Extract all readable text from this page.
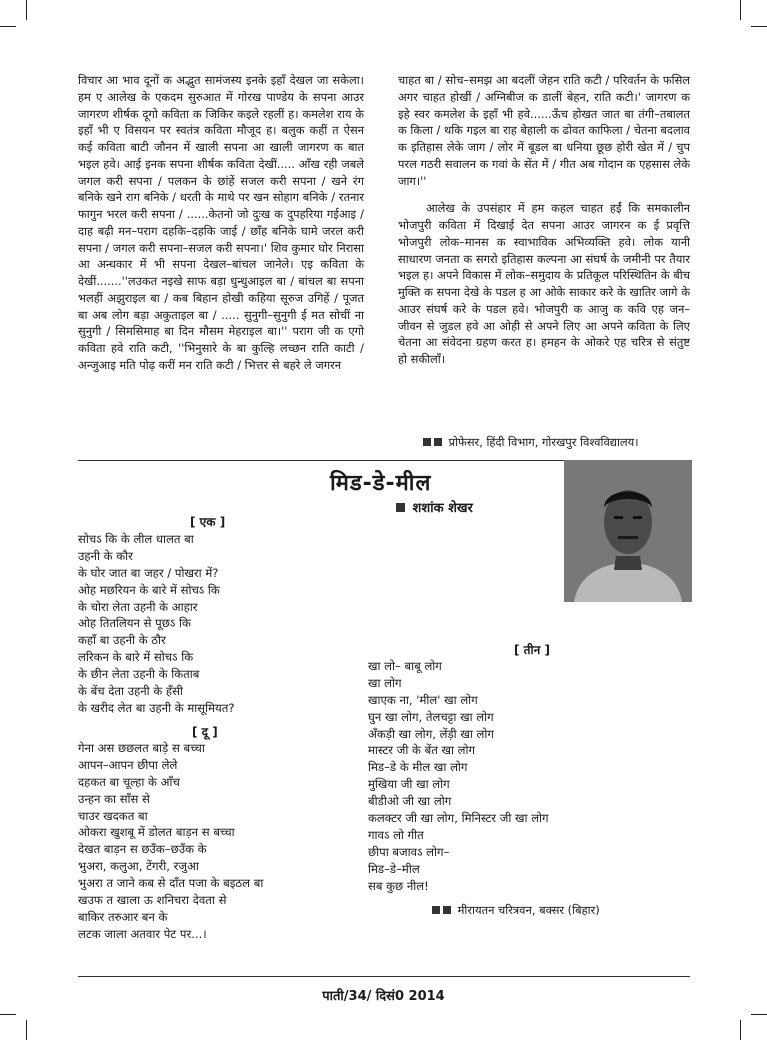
विचार आ भाव दूनों क अद्भुत सामंजस्य इनके इहाँ देखल जा सकेला। हम ए आलेख के एकदम सुरुआत में गोरख पाण्डेय के सपना आउर जागरण शीर्षक दूगो कविता क जिकिर कइले रहलीं ह। कमलेश राय के इहाँ भी ए विसयन पर स्वतंत्र कविता मौजूद ह। बलुक कहीं त ऐसन कई कविता बाटी जौनन में खाली सपना आ खाली जागरण क बात भइल हवे। आई इनक सपना शीर्षक कविता देखीं..... आँख रही जबले जगल करी सपना / पलकन के छांहें सजल करी सपना / खने रंग बनिके खने राग बनिके / धरती के माथे पर खन सोहाग बनिके / रतनार फागुन भरल करी सपना / ......केतनो जो दुःख क दुपहरिया गईआइ / दाह बढ़ी मन–पराग दहकि–दहकि जाई / छाँह बनिके घामे जरल करी सपना / जगल करी सपना–सजल करी सपना।' शिव कुमार घोर निरासा आ अन्धकार में भी सपना देखल–बांचल जानेले। एइ कविता के देखीं.......''लउकत नइखे साफ बड़ा धुन्धुआइल बा / बांचल बा सपना भलहीं अझुराइल बा / कब बिहान होखी कहिया सूरुज उगिहें / पूजत बा अब लोग बड़ा अकुताइल बा / ..... सुनुगी–सुनुगी ई मत सोचीं ना सुनुगी / सिमसिमाह बा दिन मौसम मेहराइल बा।'' पराग जी क एगो कविता हवे राति कटी, ''भिनुसारे के बा कुल्हि लच्छन राति काटी / अन्जुआइ मति पोढ़ करीं मन राति कटी / भित्तर से बहरे ले जगरन

चाहत बा / सोच–समझ आ बदलीं जेहन राति कटी / परिवर्तन के फसिल अगर चाहत होखीं / अग्निबीज क डालीं बेहन, राति कटी।' जागरण क इहे स्वर कमलेश के इहाँ भी हवे......ऊँच होखत जात बा तंगी–तबालत क किला / थकि गइल बा राह बेहाली क ढोवत काफिला / चेतना बदलाव क इतिहास लेके जाग / लोर में बूडल बा धनिया छूछ होरी खेत में / चुप परल गठरी सवालन क गवां के सेंत में / गीत अब गोदान क एहसास लेके जाग।''

आलेख के उपसंहार में हम कहल चाहत हईं कि समकालीन भोजपुरी कविता में दिखाई देत सपना आउर जागरन क ई प्रवृत्ति भोजपुरी लोक–मानस क स्वाभाविक अभिव्यक्ति हवे। लोक यानी साधारण जनता क सगरो इतिहास कल्पना आ संघर्ष के जमीनी पर तैयार भइल ह। अपने विकास में लोक–समुदाय के प्रतिकूल परिस्थितिन के बीच मुक्ति क सपना देखे के पडल ह आ ओके साकार करे के खातिर जागे के आउर संघर्ष करे के पडल हवे। भोजपुरी क आजु क कवि एह जन–जीवन से जुडल हवे आ ओही से अपने लिए आ अपने कविता के लिए चेतना आ संवेदना ग्रहण करत ह। हमहन के ओकरे एह चरित्र से संतुष्ट हो सकीलाँ।

प्रोफेसर, हिंदी विभाग, गोरखपुर विश्वविद्यालय।
मिड-डे-मील
शशांक शेखर
[ एक ]
सोचऽ कि के लील धालत बा
उहनी के कौर
के घोर जात बा जहर / पोखरा में?
ओह मछरियन के बारे में सोचऽ कि
के चोरा लेता उहनी के आहार
ओह तितलियन से पूछऽ कि
कहाँ बा उहनी के ठौर
लरिकन के बारे में सोचऽ कि
के छीन लेता उहनी के किताब
के बेंच देता उहनी के हँसी
के खरीद लेत बा उहनी के मासूमियत?
[ दू ]
गेना अस छछलत बाड़े स बच्चा
आपन–आपन छीपा लेले
दहकत बा चूल्हा के आँच
उन्हन का साँस से
चाउर खदकत बा
ओकरा खुशबू में डोलत बाड़न स बच्चा
देखत बाड़न स छउँक–छउँक के
भुअरा, कलुआ, टेंगरी, रजुआ
भुअरा त जाने कब से दाँत पजा के बइठल बा
खउफ त खाला ऊ शनिचरा देवता से
बाकिर तरुआर बन के
लटक जाला अतवार पेट पर...।
[ तीन ]
खा लो– बाबू लोग
खा लोग
खाएक ना, 'मील' खा लोग
घुन खा लोग, तेलचट्टा खा लोग
अँकड़ी खा लोग, लेंड़ी खा लोग
मास्टर जी के बेंत खा लोग
मिड–डे के मील खा लोग
मुखिया जी खा लोग
बीडीओ जी खा लोग
कलक्टर जी खा लोग, मिनिस्टर जी खा लोग
गावऽ लो गीत
छीपा बजावऽ लोग–
मिड–डे–मील
सब कुछ नील!
मीरायतन चरित्रवन, बक्सर (बिहार)
पाती/34/ दिसं0 2014
